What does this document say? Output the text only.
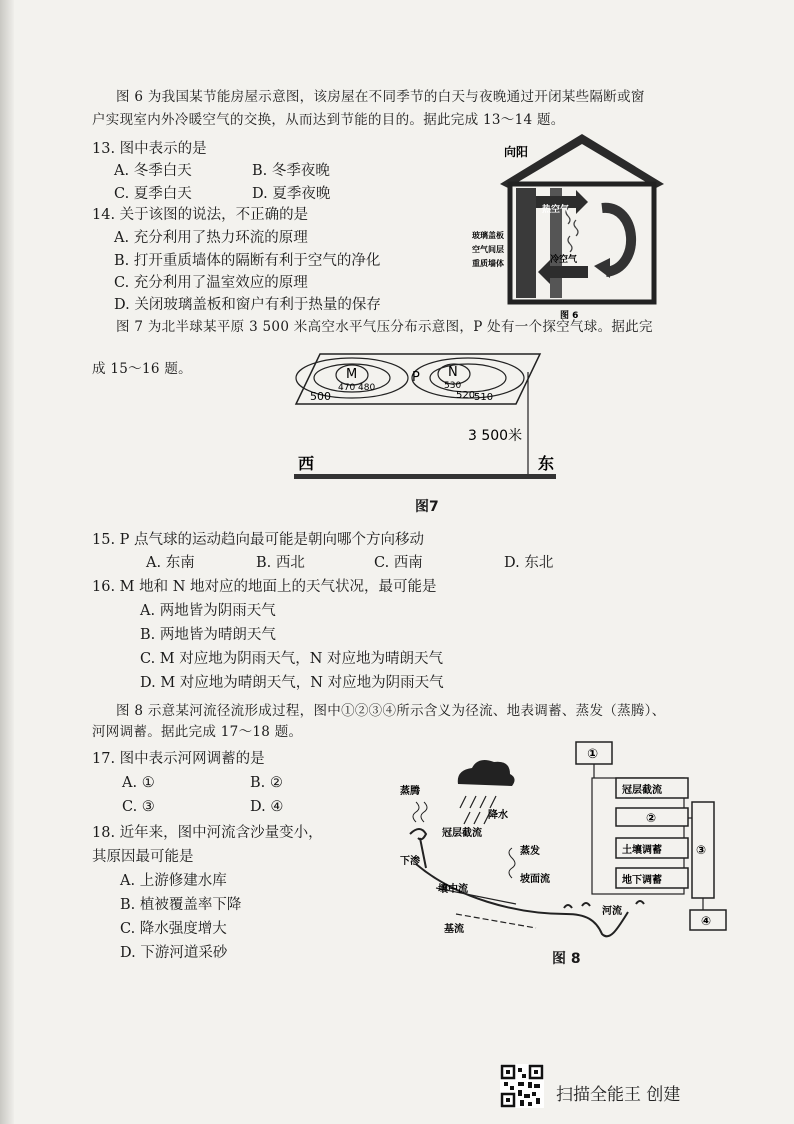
图 6 为我国某节能房屋示意图，该房屋在不同季节的白天与夜晚通过开闭某些隔断或窗
户实现室内外冷暖空气的交换，从而达到节能的目的。据此完成 13～14 题。
13. 图中表示的是
A. 冬季白天	B. 冬季夜晚
C. 夏季白天	D. 夏季夜晚
14. 关于该图的说法，不正确的是
A. 充分利用了热力环流的原理
B. 打开重质墙体的隔断有利于空气的净化
C. 充分利用了温室效应的原理
D. 关闭玻璃盖板和窗户有利于热量的保存
向阳
热空气
冷空气
玻璃盖板
空气间层
重质墙体
图 6
图 7 为北半球某平原 3 500 米高空水平气压分布示意图，P 处有一个探空气球。据此完
成 15～16 题。	M	N
P
470 480
500
530
520
510
3 500米
西	东
图7
15. P 点气球的运动趋向最可能是朝向哪个方向移动
A. 东南	B. 西北	C. 西南	D. 东北
16. M 地和 N 地对应的地面上的天气状况，最可能是
A. 两地皆为阴雨天气
B. 两地皆为晴朗天气
C. M 对应地为阴雨天气，N 对应地为晴朗天气
D. M 对应地为晴朗天气，N 对应地为阴雨天气
图 8 示意某河流径流形成过程，图中①②③④所示含义为径流、地表调蓄、蒸发（蒸腾）、
河网调蓄。据此完成 17～18 题。
17. 图中表示河网调蓄的是
A. ①	B. ②
C. ③	D. ④
18. 近年来，图中河流含沙量变小，
其原因最可能是
A. 上游修建水库
B. 植被覆盖率下降
C. 降水强度增大
D. 下游河道采砂
①
冠层截流
②
土壤调蓄
地下调蓄
③
④
蒸腾
降水
冠层截流
蒸发
下渗
壤中流
坡面流
河流
基流
图 8
扫描全能王 创建
